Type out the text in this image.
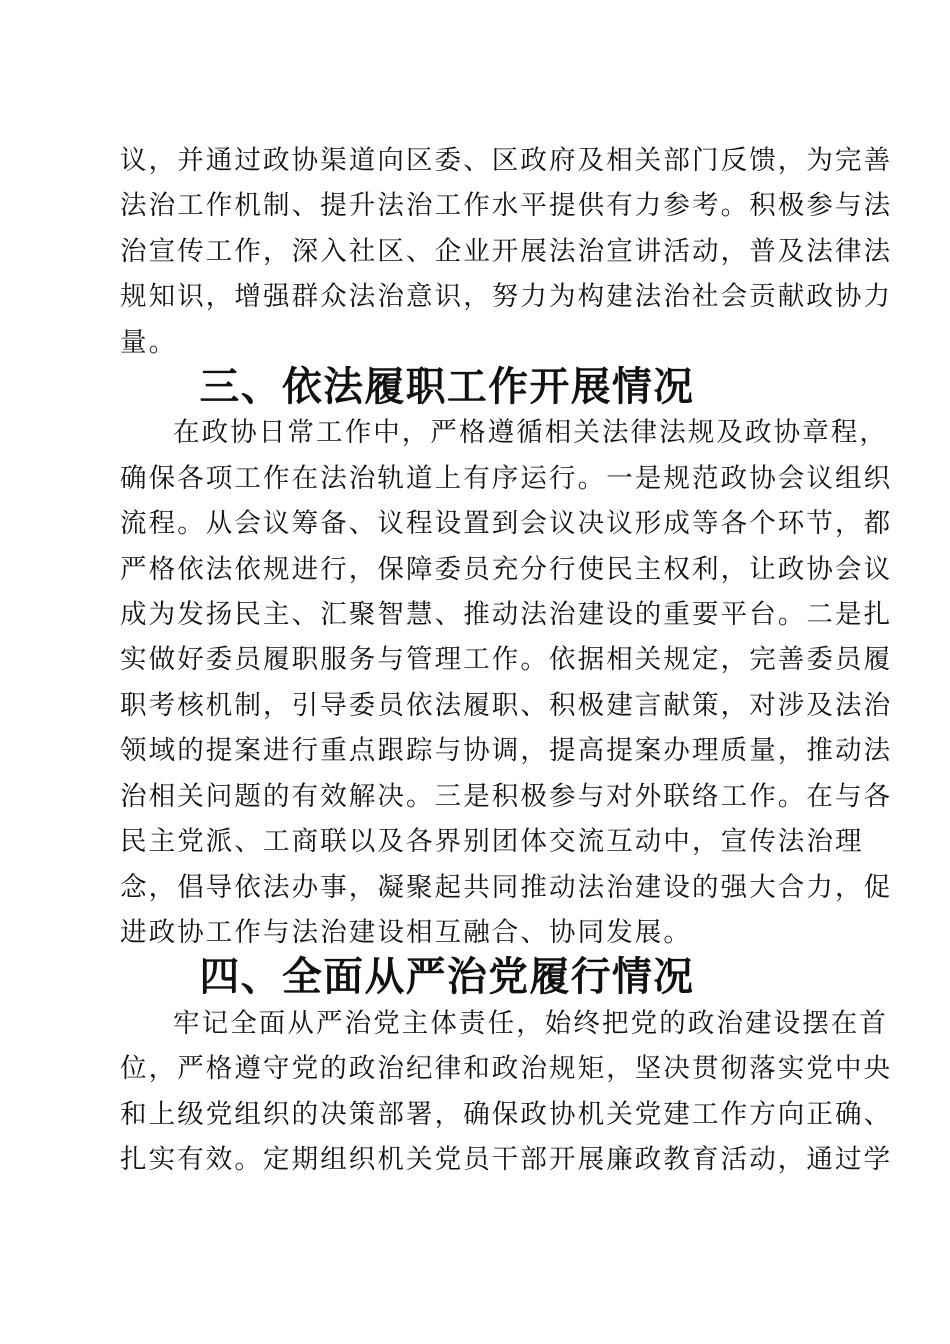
议，并通过政协渠道向区委、区政府及相关部门反馈，为完善
法治工作机制、提升法治工作水平提供有力参考。积极参与法
治宣传工作，深入社区、企业开展法治宣讲活动，普及法律法
规知识，增强群众法治意识，努力为构建法治社会贡献政协力
量。

三、依法履职工作开展情况

在政协日常工作中，严格遵循相关法律法规及政协章程，
确保各项工作在法治轨道上有序运行。一是规范政协会议组织
流程。从会议筹备、议程设置到会议决议形成等各个环节，都
严格依法依规进行，保障委员充分行使民主权利，让政协会议
成为发扬民主、汇聚智慧、推动法治建设的重要平台。二是扎
实做好委员履职服务与管理工作。依据相关规定，完善委员履
职考核机制，引导委员依法履职、积极建言献策，对涉及法治
领域的提案进行重点跟踪与协调，提高提案办理质量，推动法
治相关问题的有效解决。三是积极参与对外联络工作。在与各
民主党派、工商联以及各界别团体交流互动中，宣传法治理
念，倡导依法办事，凝聚起共同推动法治建设的强大合力，促
进政协工作与法治建设相互融合、协同发展。

四、全面从严治党履行情况

牢记全面从严治党主体责任，始终把党的政治建设摆在首
位，严格遵守党的政治纪律和政治规矩，坚决贯彻落实党中央
和上级党组织的决策部署，确保政协机关党建工作方向正确、
扎实有效。定期组织机关党员干部开展廉政教育活动，通过学
